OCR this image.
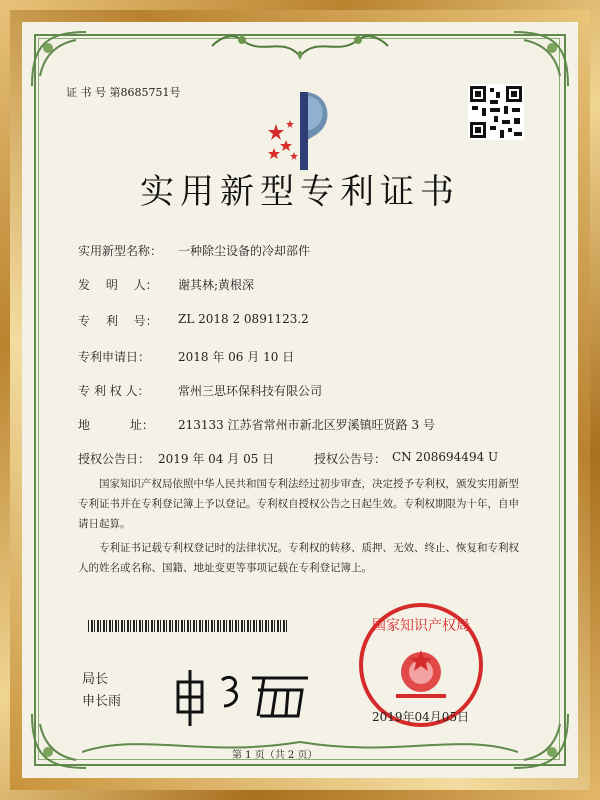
证 书 号 第8685751号
实用新型专利证书
实用新型名称： 一种除尘设备的冷却部件
发　 明　 人： 谢其林;黄根深
专　 利　 号： ZL 2018 2 0891123.2
专利申请日： 2018 年 06 月 10 日
专 利 权 人： 常州三思环保科技有限公司
地　　　 址： 213133 江苏省常州市新北区罗溪镇旺贤路 3 号
授权公告日： 2019 年 04 月 05 日	授权公告号： CN 208694494 U
国家知识产权局依照中华人民共和国专利法经过初步审查，决定授予专利权，颁发实用新型专利证书并在专利登记簿上予以登记。专利权自授权公告之日起生效。专利权期限为十年，自申请日起算。
专利证书记载专利权登记时的法律状况。专利权的转移、质押、无效、终止、恢复和专利权人的姓名或名称、国籍、地址变更等事项记载在专利登记簿上。
局长
申长雨
国家知识产权局
2019年04月05日
第 1 页（共 2 页）
